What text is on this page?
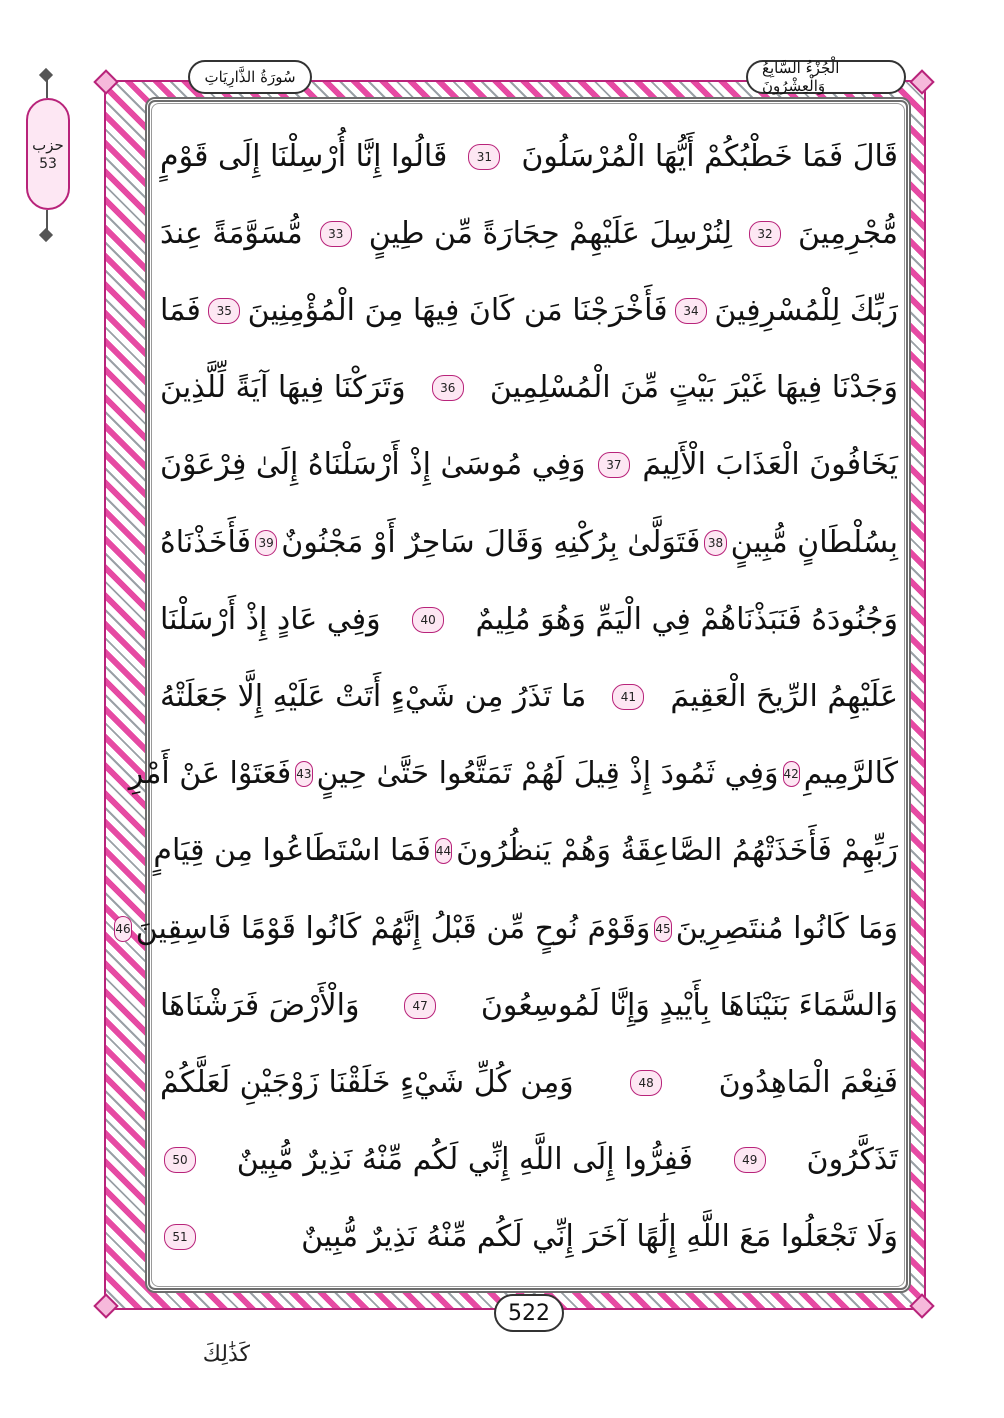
سُورَةُ الذَّارِيَاتِ	الْجُزْءُ السَّابِعُ وَالْعِشْرُونَ
حزب
53	قَالَ فَمَا خَطْبُكُمْ أَيُّهَا الْمُرْسَلُونَ
31
قَالُوا إِنَّا أُرْسِلْنَا إِلَى قَوْمٍ
مُّجْرِمِينَ
32
لِنُرْسِلَ عَلَيْهِمْ حِجَارَةً مِّن طِينٍ
33
مُّسَوَّمَةً عِندَ
رَبِّكَ لِلْمُسْرِفِينَ
34
فَأَخْرَجْنَا مَن كَانَ فِيهَا مِنَ الْمُؤْمِنِينَ
35
فَمَا
وَجَدْنَا فِيهَا غَيْرَ بَيْتٍ مِّنَ الْمُسْلِمِينَ
36
وَتَرَكْنَا فِيهَا آيَةً لِّلَّذِينَ
يَخَافُونَ الْعَذَابَ الْأَلِيمَ
37
وَفِي مُوسَىٰ إِذْ أَرْسَلْنَاهُ إِلَىٰ فِرْعَوْنَ
بِسُلْطَانٍ مُّبِينٍ
38
فَتَوَلَّىٰ بِرُكْنِهِ وَقَالَ سَاحِرٌ أَوْ مَجْنُونٌ
39
فَأَخَذْنَاهُ
وَجُنُودَهُ فَنَبَذْنَاهُمْ فِي الْيَمِّ وَهُوَ مُلِيمٌ
40
وَفِي عَادٍ إِذْ أَرْسَلْنَا
عَلَيْهِمُ الرِّيحَ الْعَقِيمَ
41
مَا تَذَرُ مِن شَيْءٍ أَتَتْ عَلَيْهِ إِلَّا جَعَلَتْهُ
كَالرَّمِيمِ
42
وَفِي ثَمُودَ إِذْ قِيلَ لَهُمْ تَمَتَّعُوا حَتَّىٰ حِينٍ
43
فَعَتَوْا عَنْ أَمْرِ
رَبِّهِمْ فَأَخَذَتْهُمُ الصَّاعِقَةُ وَهُمْ يَنظُرُونَ
44
فَمَا اسْتَطَاعُوا مِن قِيَامٍ
وَمَا كَانُوا مُنتَصِرِينَ
45
وَقَوْمَ نُوحٍ مِّن قَبْلُ إِنَّهُمْ كَانُوا قَوْمًا فَاسِقِينَ
46
وَالسَّمَاءَ بَنَيْنَاهَا بِأَيْيدٍ وَإِنَّا لَمُوسِعُونَ
47
وَالْأَرْضَ فَرَشْنَاهَا
فَنِعْمَ الْمَاهِدُونَ
48
وَمِن كُلِّ شَيْءٍ خَلَقْنَا زَوْجَيْنِ لَعَلَّكُمْ
تَذَكَّرُونَ
49
فَفِرُّوا إِلَى اللَّهِ إِنِّي لَكُم مِّنْهُ نَذِيرٌ مُّبِينٌ
50
وَلَا تَجْعَلُوا مَعَ اللَّهِ إِلَٰهًا آخَرَ إِنِّي لَكُم مِّنْهُ نَذِيرٌ مُّبِينٌ
51
522
كَذَٰلِكَ
